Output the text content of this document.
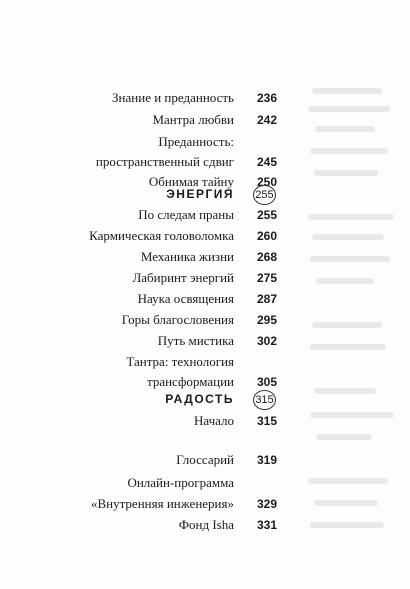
Знание и преданность 236
Мантра любви 242
Преданность:
пространственный сдвиг 245
Обнимая тайну 250
ЭНЕРГИЯ 255
По следам праны 255
Кармическая головоломка 260
Механика жизни 268
Лабиринт энергий 275
Наука освящения 287
Горы благословения 295
Путь мистика 302
Тантра: технология
трансформации 305
РАДОСТЬ 315
Начало 315
Глоссарий 319
Онлайн-программа
«Внутренняя инженерия» 329
Фонд Isha 331
